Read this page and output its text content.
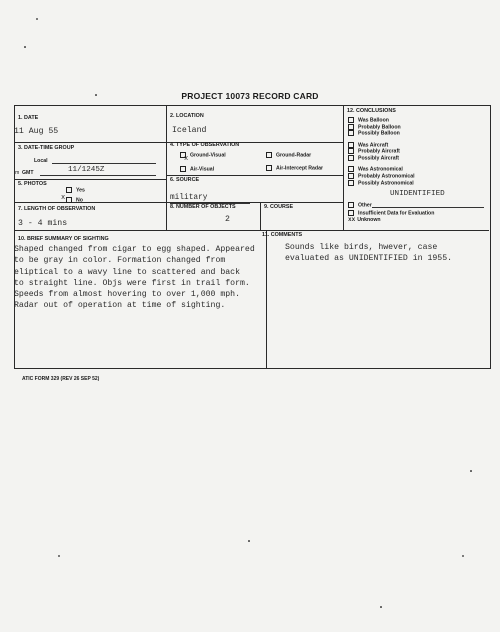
PROJECT 10073 RECORD CARD
1. DATE
11 Aug 55
2. LOCATION
Iceland
3. DATE-TIME GROUP
Local
GMT	11/1245Z
m
4. TYPE OF OBSERVATION
Ground-Visual
x	Ground-Radar
Air-Visual	Air-Intercept Radar
5. PHOTOS
Yes
No
x
6. SOURCE
military
7. LENGTH OF OBSERVATION
3 - 4 mins
8. NUMBER OF OBJECTS
2
9. COURSE
10. BRIEF SUMMARY OF SIGHTING
Shaped changed from cigar to egg shaped. Appeared
to be gray in color. Formation changed from
eliptical to a wavy line to scattered and back
to straight line. Objs were first in trail form.
Speeds from almost hovering to over 1,000 mph.
Radar out of operation at time of sighting.
11. COMMENTS
Sounds like birds, hwever, case
evaluated as UNIDENTIFIED in 1955.
12. CONCLUSIONS
Was Balloon
Probably Balloon
Possibly Balloon
Was Aircraft
Probably Aircraft
Possibly Aircraft
Was Astronomical
Probably Astronomical
Possibly Astronomical
UNIDENTIFIED
Other
Insufficient Data for Evaluation
xx Unknown
ATIC FORM 329 (REV 26 SEP 52)
